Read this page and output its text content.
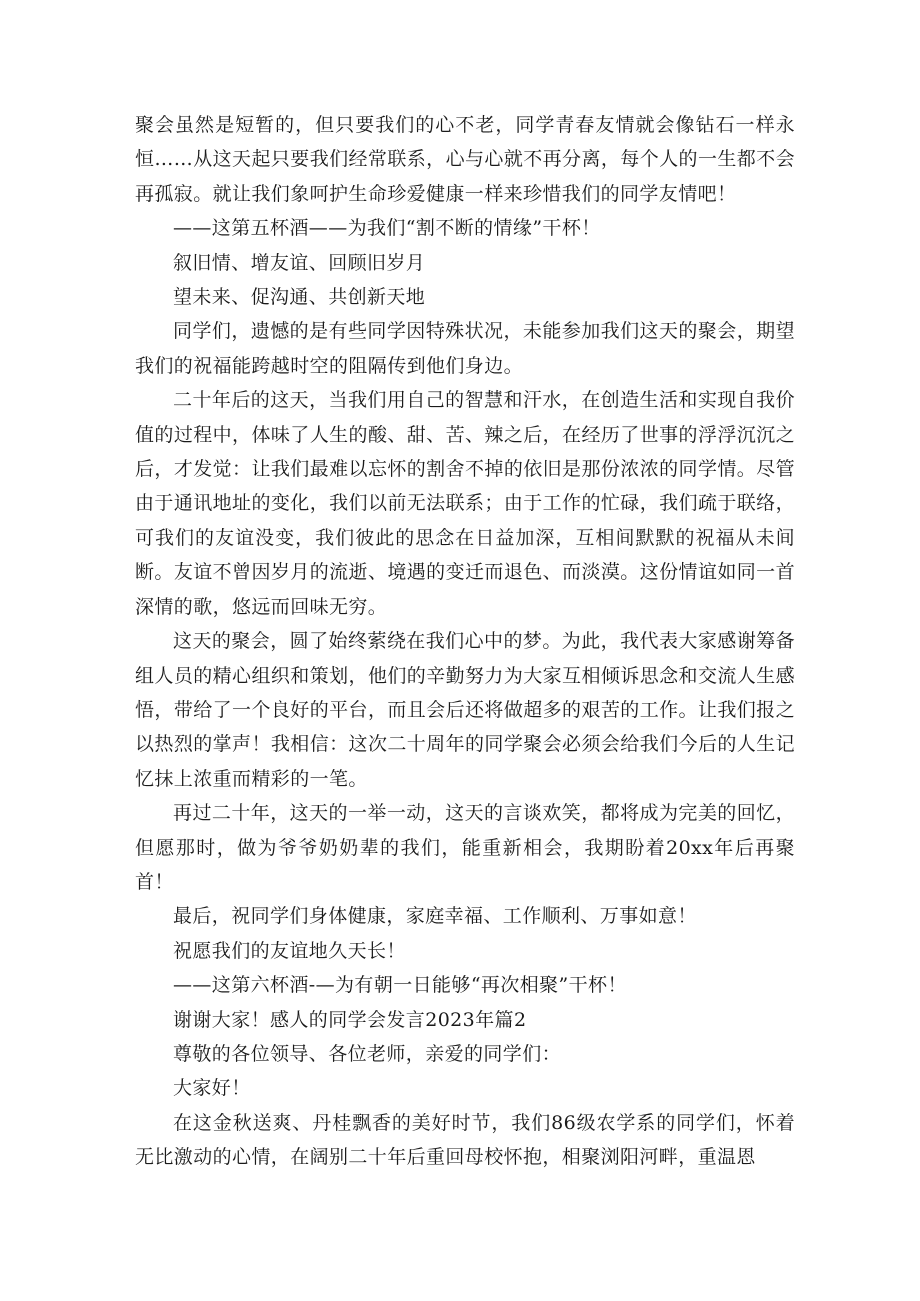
聚会虽然是短暂的，但只要我们的心不老，同学青春友情就会像钻石一样永恒……从这天起只要我们经常联系，心与心就不再分离，每个人的一生都不会再孤寂。就让我们象呵护生命珍爱健康一样来珍惜我们的同学友情吧！

——这第五杯酒——为我们“割不断的情缘”干杯！

叙旧情、增友谊、回顾旧岁月

望未来、促沟通、共创新天地

同学们，遗憾的是有些同学因特殊状况，未能参加我们这天的聚会，期望我们的祝福能跨越时空的阻隔传到他们身边。

二十年后的这天，当我们用自己的智慧和汗水，在创造生活和实现自我价值的过程中，体味了人生的酸、甜、苦、辣之后，在经历了世事的浮浮沉沉之后，才发觉：让我们最难以忘怀的割舍不掉的依旧是那份浓浓的同学情。尽管由于通讯地址的变化，我们以前无法联系；由于工作的忙碌，我们疏于联络，可我们的友谊没变，我们彼此的思念在日益加深，互相间默默的祝福从未间断。友谊不曾因岁月的流逝、境遇的变迁而退色、而淡漠。这份情谊如同一首深情的歌，悠远而回味无穷。

这天的聚会，圆了始终萦绕在我们心中的梦。为此，我代表大家感谢筹备组人员的精心组织和策划，他们的辛勤努力为大家互相倾诉思念和交流人生感悟，带给了一个良好的平台，而且会后还将做超多的艰苦的工作。让我们报之以热烈的掌声！我相信：这次二十周年的同学聚会必须会给我们今后的人生记忆抹上浓重而精彩的一笔。

再过二十年，这天的一举一动，这天的言谈欢笑，都将成为完美的回忆，但愿那时，做为爷爷奶奶辈的我们，能重新相会，我期盼着20xx年后再聚首！

最后，祝同学们身体健康，家庭幸福、工作顺利、万事如意！

祝愿我们的友谊地久天长！

——这第六杯酒-—为有朝一日能够“再次相聚”干杯！

谢谢大家！感人的同学会发言2023年篇2

尊敬的各位领导、各位老师，亲爱的同学们：

大家好！

在这金秋送爽、丹桂飘香的美好时节，我们86级农学系的同学们，怀着无比激动的心情，在阔别二十年后重回母校怀抱，相聚浏阳河畔，重温恩
